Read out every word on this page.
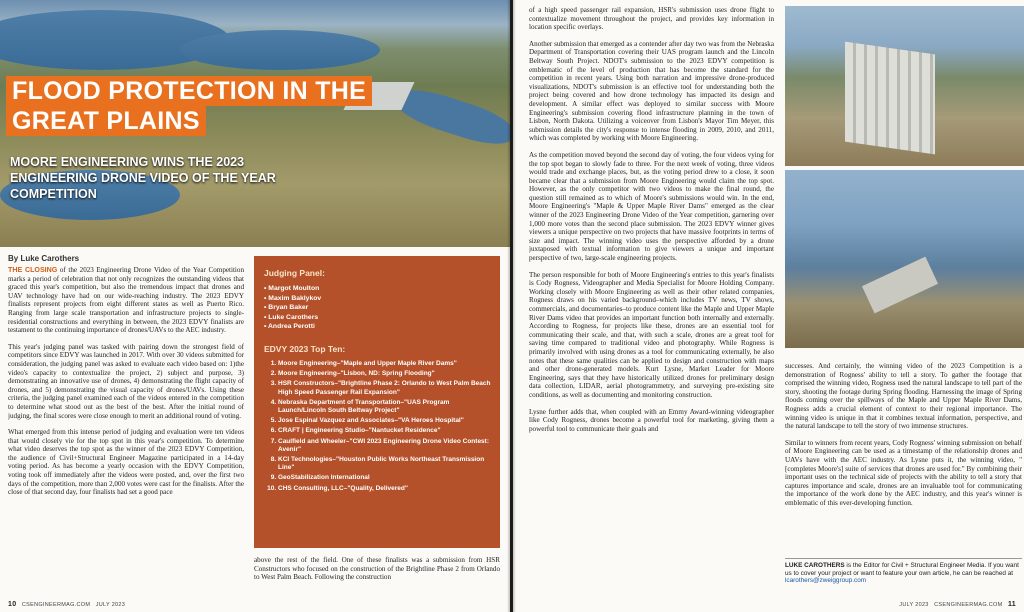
FLOOD PROTECTION IN THE
GREAT PLAINS
MOORE ENGINEERING WINS THE 2023 ENGINEERING DRONE VIDEO OF THE YEAR COMPETITION
By Luke Carothers

THE CLOSING of the 2023 Engineering Drone Video of the Year Competition marks a period of celebration that not only recognizes the outstanding videos that graced this year's competition, but also the tremendous impact that drones and UAV technology have had on our wide-reaching industry. The 2023 EDVY finalists represent projects from eight different states as well as Puerto Rico. Ranging from large scale transportation and infrastructure projects to single-residential constructions and everything in between, the 2023 EDVY finalists are testament to the continuing importance of drones/UAVs to the AEC industry.

This year's judging panel was tasked with pairing down the strongest field of competitors since EDVY was launched in 2017. With over 30 videos submitted for consideration, the judging panel was asked to evaluate each video based on: 1)the video's capacity to contextualize the project, 2) subject and purpose, 3) demonstrating an innovative use of drones, 4) demonstrating the flight capacity of drones, and 5) demonstrating the visual capacity of drones/UAVs. Using these criteria, the judging panel examined each of the videos entered in the competition to determine what stood out as the best of the best. After the initial round of judging, the final scores were close enough to merit an additional round of voting.

What emerged from this intense period of judging and evaluation were ten videos that would closely vie for the top spot in this year's competition. To determine what video deserves the top spot as the winner of the 2023 EDVY Competition, the audience of Civil+Structural Engineer Magazine participated in a 14-day voting period. As has become a yearly occasion with the EDVY Competition, voting took off immediately after the videos were posted, and, over the first two days of the competition, more than 2,000 votes were cast for the finalists. After the close of that second day, four finalists had set a good pace

Judging Panel:
• Margot Moulton
• Maxim Baklykov
• Bryan Baker
• Luke Carothers
• Andrea Perotti
EDVY 2023 Top Ten:
1. Moore Engineering–"Maple and Upper Maple River Dams"
2. Moore Engineering–"Lisbon, ND: Spring Flooding"
3. HSR Constructors–"Brightline Phase 2: Orlando to West Palm Beach High Speed Passenger Rail Expansion"
4. Nebraska Department of Transportation–"UAS Program Launch/Lincoln South Beltway Project"
5. Jose Espinal Vazquez and Associates–"VA Heroes Hospital"
6. CRAFT | Engineering Studio–"Nantucket Residence"
7. Caulfield and Wheeler–"CWI 2023 Engineering Drone Video Contest: Avenir"
8. KCI Technologies–"Houston Public Works Northeast Transmission Line"
9. GeoStabilization International
10. CHS Consulting, LLC–"Quality, Delivered"

above the rest of the field. One of these finalists was a submission from HSR Constructors who focused on the construction of the Brightline Phase 2 from Orlando to West Palm Beach. Following the construction

10 CSENGINEERMAG.COM JULY 2023

of a high speed passenger rail expansion, HSR's submission uses drone flight to contextualize movement throughout the project, and provides key information in location specific overlays.

Another submission that emerged as a contender after day two was from the Nebraska Department of Transportation covering their UAS program launch and the Lincoln Beltway South Project. NDOT's submission to the 2023 EDVY competition is emblematic of the level of production that has become the standard for the competition in recent years. Using both narration and impressive drone-produced visualizations, NDOT's submission is an effective tool for understanding both the project being covered and how drone technology has impacted its design and development. A similar effect was deployed to similar success with Moore Engineering's submission covering flood infrastructure planning in the town of Lisbon, North Dakota. Utilizing a voiceover from Lisbon's Mayor Tim Meyer, this submission details the city's response to intense flooding in 2009, 2010, and 2011, which was completed by working with Moore Engineering.

As the competition moved beyond the second day of voting, the four videos vying for the top spot began to slowly fade to three. For the next week of voting, three videos would trade and exchange places, but, as the voting period drew to a close, it soon became clear that a submission from Moore Engineering would claim the top spot. However, as the only competitor with two videos to make the final round, the question still remained as to which of Moore's submissions would win. In the end, Moore Engineering's "Maple & Upper Maple River Dams" emerged as the clear winner of the 2023 Engineering Drone Video of the Year competition, garnering over 1,000 more votes than the second place submission. The 2023 EDVY winner gives viewers a unique perspective on two projects that have massive footprints in terms of size and impact. The winning video uses the perspective afforded by a drone juxtaposed with textual information to give viewers a unique and important perspective of two, large-scale engineering projects.

The person responsible for both of Moore Engineering's entries to this year's finalists is Cody Rogness, Videographer and Media Specialist for Moore Holding Company. Working closely with Moore Engineering as well as their other related companies, Rogness draws on his varied background–which includes TV news, TV shows, commercials, and documentaries–to produce content like the Maple and Upper Maple River Dams video that provides an important function both internally and externally. According to Rogness, for projects like these, drones are an essential tool for communicating their scale, and that, with such a scale, drones are a great tool for saving time compared to traditional video and photography. While Rogness is primarily involved with using drones as a tool for communicating externally, he also notes that these same qualities can be applied to design and construction with maps and other drone-generated models. Kurt Lysne, Market Leader for Moore Engineering, says that they have historically utilized drones for preliminary design data collection, LIDAR, aerial photogrammetry, and surveying pre-existing site conditions, as well as documenting and monitoring construction.

Lysne further adds that, when coupled with an Emmy Award-winning videographer like Cody Rogness, drones become a powerful tool for marketing, giving them a powerful tool to communicate their goals and

successes. And certainly, the winning video of the 2023 Competition is a demonstration of Rogness' ability to tell a story. To gather the footage that comprised the winning video, Rogness used the natural landscape to tell part of the story, shooting the footage during Spring flooding. Harnessing the image of Spring floods coming over the spillways of the Maple and Upper Maple River Dams, Rogness adds a crucial element of context to their regional importance. The winning video is unique in that it combines textual information, perspective, and the natural landscape to tell the story of two immense structures.

Similar to winners from recent years, Cody Rogness' winning submission on behalf of Moore Engineering can be used as a timestamp of the relationship drones and UAVs have with the AEC industry. As Lysne puts it, the winning video, "[completes Moore's] suite of services that drones are used for." By combining their important uses on the technical side of projects with the ability to tell a story that captures importance and scale, drones are an invaluable tool for communicating the importance of the work done by the AEC industry, and this year's winner is emblematic of this ever-developing function.

LUKE CAROTHERS is the Editor for Civil + Structural Engineer Media. If you want us to cover your project or want to feature your own article, he can be reached at lcarothers@zweiggroup.com
JULY 2023 CSENGINEERMAG.COM 11
